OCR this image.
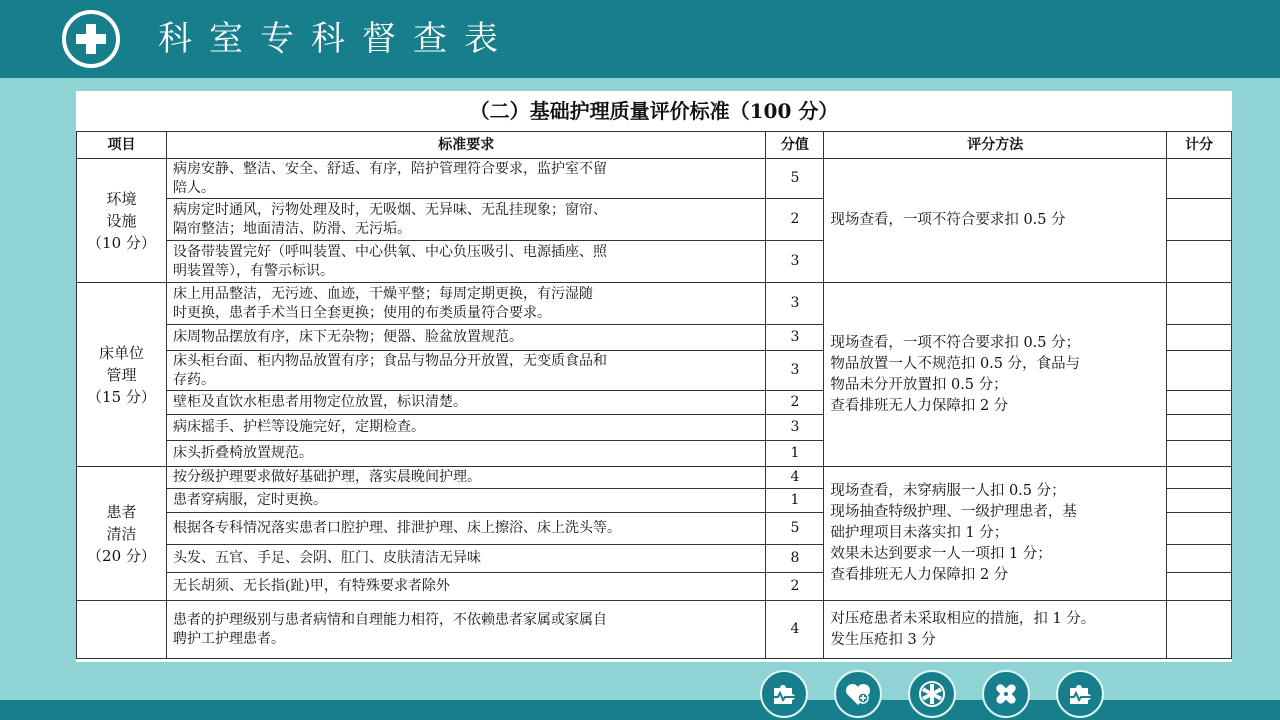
科室专科督查表
（二）基础护理质量评价标准（100 分）
项目	标准要求	分值	评分方法	计分

环境
设施
（10 分）	病房安静、整洁、安全、舒适、有序，陪护管理符合要求，监护室不留
陪人。	5	现场查看，一项不符合要求扣 0.5 分	

	病房定时通风，污物处理及时，无吸烟、无异味、无乱挂现象；窗帘、
隔帘整洁；地面清洁、防滑、无污垢。	2		

	设备带装置完好（呼叫装置、中心供氧、中心负压吸引、电源插座、照
明装置等），有警示标识。	3		

床单位
管理
（15 分）	床上用品整洁，无污迹、血迹，干燥平整；每周定期更换，有污湿随
时更换，患者手术当日全套更换；使用的布类质量符合要求。	3	现场查看，一项不符合要求扣 0.5 分；
物品放置一人不规范扣 0.5 分，食品与
物品未分开放置扣 0.5 分；
查看排班无人力保障扣 2 分	

	床周物品摆放有序，床下无杂物；便器、脸盆放置规范。	3		

	床头柜台面、柜内物品放置有序；食品与物品分开放置，无变质食品和
存药。	3		

	壁柜及直饮水柜患者用物定位放置，标识清楚。	2		

	病床摇手、护栏等设施完好，定期检查。	3		

	床头折叠椅放置规范。	1		

患者
清洁
（20 分）	按分级护理要求做好基础护理，落实晨晚间护理。	4	现场查看，未穿病服一人扣 0.5 分；
现场抽查特级护理、一级护理患者，基
础护理项目未落实扣 1 分；
效果未达到要求一人一项扣 1 分；
查看排班无人力保障扣 2 分	

	患者穿病服，定时更换。	1		

	根据各专科情况落实患者口腔护理、排泄护理、床上擦浴、床上洗头等。	5		

	头发、五官、手足、会阴、肛门、皮肤清洁无异味	8		

	无长胡须、无长指(趾)甲，有特殊要求者除外	2		

	患者的护理级别与患者病情和自理能力相符，不依赖患者家属或家属自
聘护工护理患者。	4	对压疮患者未采取相应的措施，扣 1 分。
发生压疮扣 3 分	
